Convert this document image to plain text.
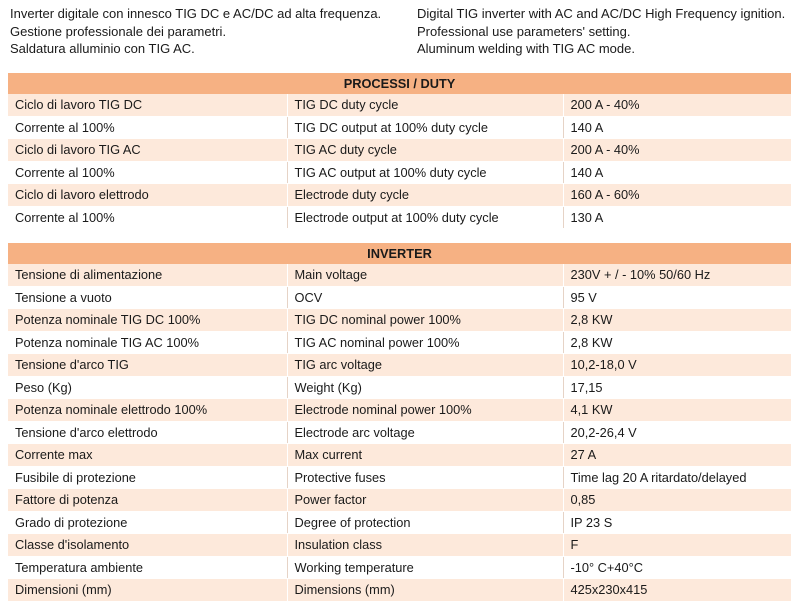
Inverter digitale con innesco TIG DC e AC/DC ad alta frequenza.
Gestione professionale dei parametri.
Saldatura alluminio con TIG AC.
Digital TIG inverter with AC and AC/DC High Frequency ignition.
Professional use parameters' setting.
Aluminum welding with TIG AC mode.
PROCESSI / DUTY		
Ciclo di lavoro TIG DC	TIG DC duty cycle	200 A - 40%
Corrente al 100%	TIG DC output at 100% duty cycle	140 A
Ciclo di lavoro TIG AC	TIG AC duty cycle	200 A - 40%
Corrente al 100%	TIG AC output at 100% duty cycle	140 A
Ciclo di lavoro elettrodo	Electrode duty cycle	160 A - 60%
Corrente al 100%	Electrode output at 100% duty cycle	130 A
INVERTER		
Tensione di alimentazione	Main voltage	230V + / - 10% 50/60 Hz
Tensione a vuoto	OCV	95 V
Potenza nominale TIG DC 100%	TIG DC nominal power 100%	2,8 KW
Potenza nominale TIG AC 100%	TIG AC nominal power 100%	2,8 KW
Tensione d'arco TIG	TIG arc voltage	10,2-18,0 V
Peso (Kg)	Weight (Kg)	17,15
Potenza nominale elettrodo 100%	Electrode nominal power 100%	4,1 KW
Tensione d'arco elettrodo	Electrode arc voltage	20,2-26,4 V
Corrente max	Max current	27 A
Fusibile di protezione	Protective fuses	Time lag 20 A ritardato/delayed
Fattore di potenza	Power factor	0,85
Grado di protezione	Degree of protection	IP 23 S
Classe d'isolamento	Insulation class	F
Temperatura ambiente	Working temperature	-10° C+40°C
Dimensioni (mm)	Dimensions (mm)	425x230x415
